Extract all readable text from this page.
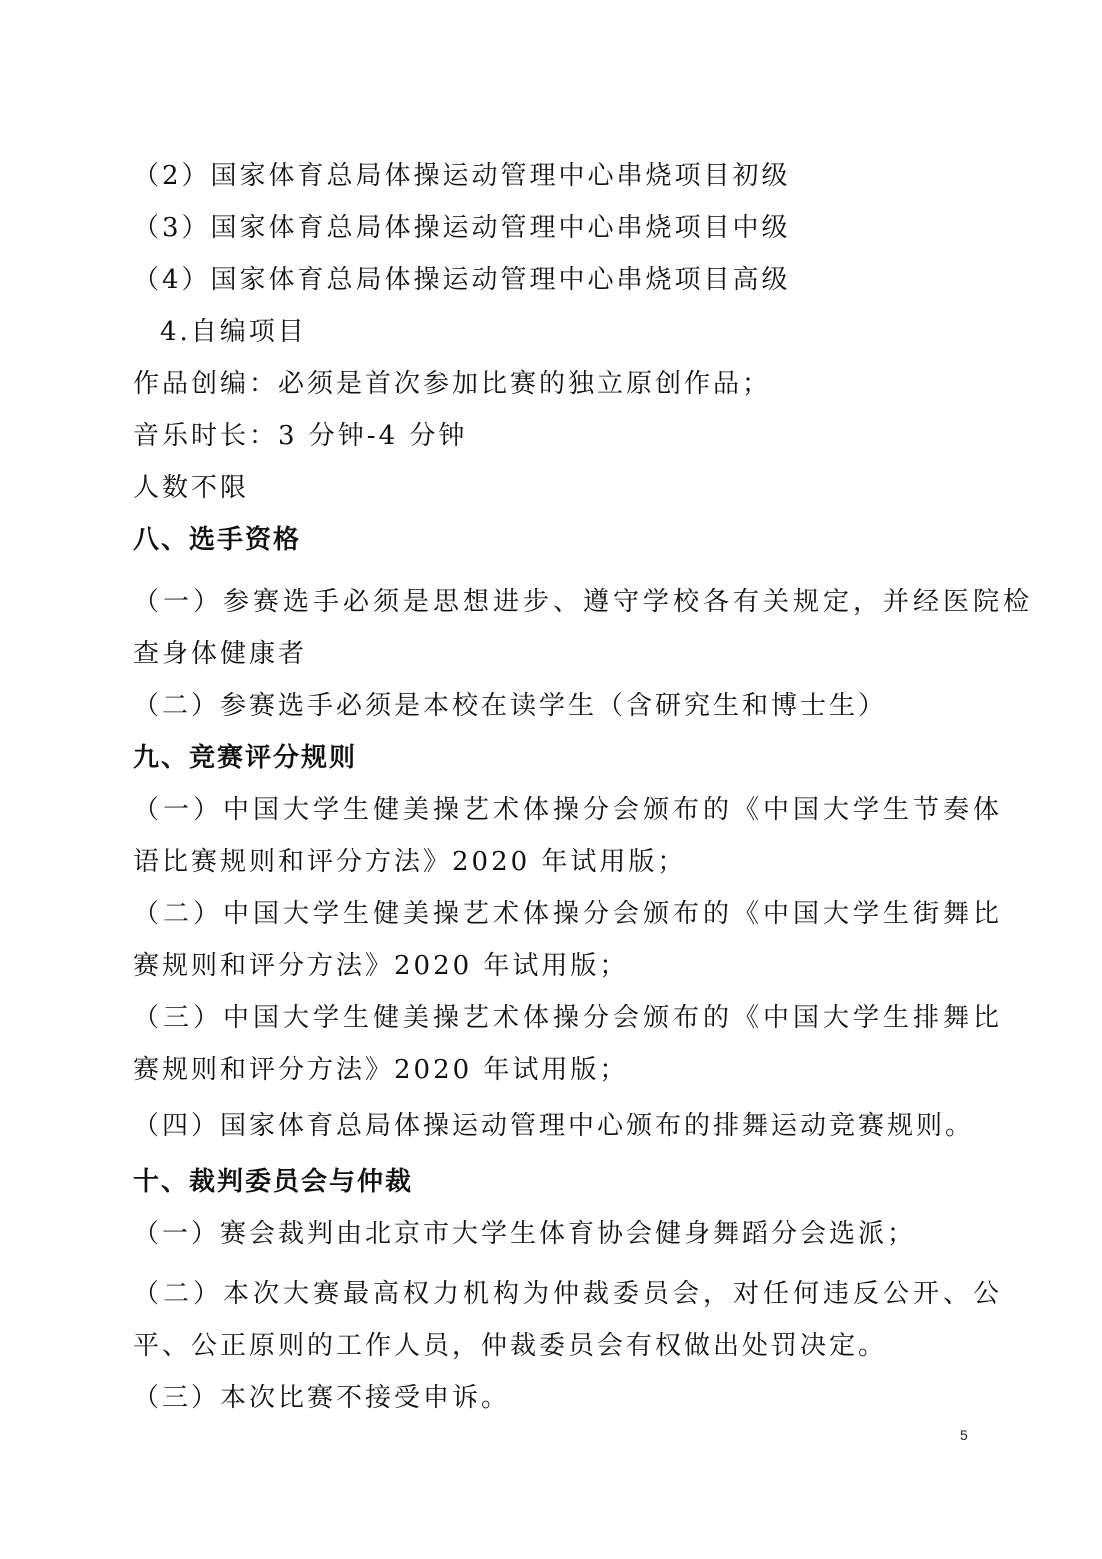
（2）国家体育总局体操运动管理中心串烧项目初级
（3）国家体育总局体操运动管理中心串烧项目中级
（4）国家体育总局体操运动管理中心串烧项目高级
4.自编项目
作品创编：必须是首次参加比赛的独立原创作品；
音乐时长：3 分钟-4 分钟
人数不限
八、选手资格
（一）参赛选手必须是思想进步、遵守学校各有关规定，并经医院检
查身体健康者
（二）参赛选手必须是本校在读学生（含研究生和博士生）
九、竞赛评分规则
（一）中国大学生健美操艺术体操分会颁布的《中国大学生节奏体
语比赛规则和评分方法》2020 年试用版；
（二）中国大学生健美操艺术体操分会颁布的《中国大学生街舞比
赛规则和评分方法》2020 年试用版；
（三）中国大学生健美操艺术体操分会颁布的《中国大学生排舞比
赛规则和评分方法》2020 年试用版；
（四）国家体育总局体操运动管理中心颁布的排舞运动竞赛规则。
十、裁判委员会与仲裁
（一）赛会裁判由北京市大学生体育协会健身舞蹈分会选派；
（二）本次大赛最高权力机构为仲裁委员会，对任何违反公开、公
平、公正原则的工作人员，仲裁委员会有权做出处罚决定。
（三）本次比赛不接受申诉。
5
